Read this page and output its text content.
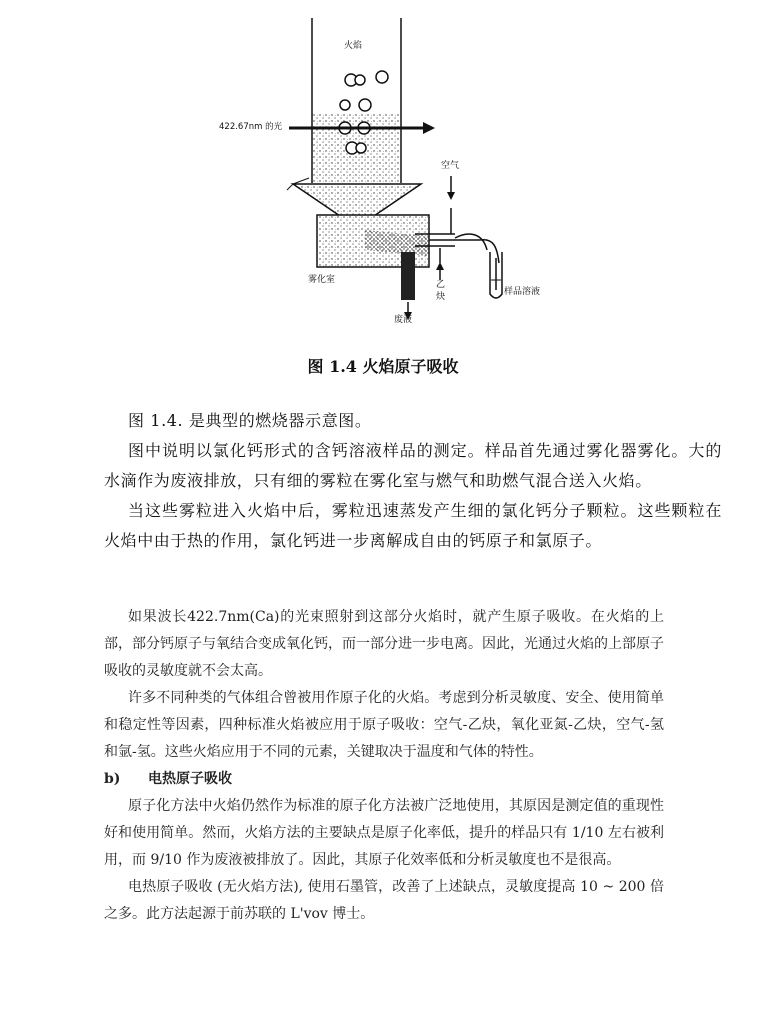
火焰
422.67nm 的光
空气
雾化室	乙
炔	样品溶液
废液
图 1.4 火焰原子吸收

图 1.4. 是典型的燃烧器示意图。

图中说明以氯化钙形式的含钙溶液样品的测定。样品首先通过雾化器雾化。大的水滴作为废液排放，只有细的雾粒在雾化室与燃气和助燃气混合送入火焰。

当这些雾粒进入火焰中后，雾粒迅速蒸发产生细的氯化钙分子颗粒。这些颗粒在火焰中由于热的作用，氯化钙进一步离解成自由的钙原子和氯原子。

如果波长422.7nm(Ca)的光束照射到这部分火焰时，就产生原子吸收。在火焰的上部，部分钙原子与氧结合变成氧化钙，而一部分进一步电离。因此，光通过火焰的上部原子吸收的灵敏度就不会太高。

许多不同种类的气体组合曾被用作原子化的火焰。考虑到分析灵敏度、安全、使用简单和稳定性等因素，四种标准火焰被应用于原子吸收：空气-乙炔，氧化亚氮-乙炔，空气-氢和氩-氢。这些火焰应用于不同的元素，关键取决于温度和气体的特性。

b) 电热原子吸收

原子化方法中火焰仍然作为标准的原子化方法被广泛地使用，其原因是测定值的重现性好和使用简单。然而，火焰方法的主要缺点是原子化率低，提升的样品只有 1/10 左右被利用，而 9/10 作为废液被排放了。因此，其原子化效率低和分析灵敏度也不是很高。

电热原子吸收 (无火焰方法), 使用石墨管，改善了上述缺点，灵敏度提高 10 ~ 200 倍之多。此方法起源于前苏联的 L'vov 博士。
